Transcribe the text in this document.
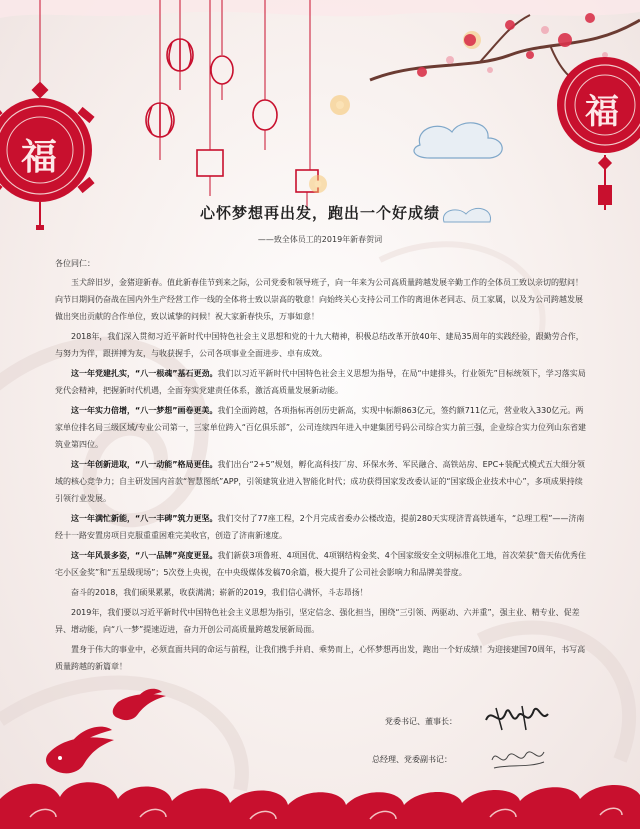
福
福
心怀梦想再出发，跑出一个好成绩
——致全体员工的2019年新春贺词

各位同仁：

玉犬辞旧岁，金猪迎新春。值此新春佳节到来之际，公司党委和领导班子，向一年来为公司高质量跨越发展辛勤工作的全体员工致以亲切的慰问！向节日期间仍奋战在国内外生产经营工作一线的全体将士致以崇高的敬意！向始终关心支持公司工作的离退休老同志、员工家属，以及为公司跨越发展做出突出贡献的合作单位，致以诚挚的问候！祝大家新春快乐，万事如意！

2018年，我们深入贯彻习近平新时代中国特色社会主义思想和党的十九大精神，积极总结改革开放40年、建局35周年的实践经验，跟勤劳合作，与努力为伴，跟拼搏为友，与收获握手，公司各项事业全面进步、卓有成效。

这一年党建扎实，“八一根魂”基石更劲。我们以习近平新时代中国特色社会主义思想为指导，在局“中建排头，行业领先”目标统领下，学习落实局党代会精神，把握新时代机遇，全面夯实党建责任体系，激活高质量发展新动能。

这一年实力倍增，“八一梦想”画卷更美。我们全面跨越，各项指标再创历史新高，实现中标额863亿元，签约额711亿元，营业收入330亿元。两家单位排名局三级区域/专业公司第一，三家单位跨入“百亿俱乐部”，公司连续四年进入中建集团号码公司综合实力前三强，企业综合实力位列山东省建筑业第四位。

这一年创新进取，“八一动能”格局更佳。我们出台“2+5”规划，孵化高科技厂房、环保水务、军民融合、高铁站房、EPC+装配式模式五大细分领域的核心竞争力；自主研发国内首款“智慧图纸”APP，引领建筑业进入智能化时代；成功获得国家发改委认证的“国家级企业技术中心”，多项成果持续引领行业发展。

这一年满忙新能，“八一丰碑”筑力更坚。我们交付了77座工程，2个月完成省委办公楼改造，提前280天实现济青高铁通车，“总理工程”——济南经十一路安置房项目克服重重困难完美收官，创造了济南新速度。

这一年风景多姿，“八一品牌”亮度更显。我们新获3项鲁班、4项国优、4项钢结构金奖、4个国家级安全文明标准化工地，首次荣获“詹天佑优秀住宅小区金奖”和“五星级现场”；5次登上央视，在中央级媒体发稿70余篇，极大提升了公司社会影响力和品牌美誉度。

奋斗的2018，我们硕果累累，收获满满；崭新的2019，我们信心满怀，斗志昂扬！

2019年，我们要以习近平新时代中国特色社会主义思想为指引，坚定信念、强化担当，围绕“三引领、两驱动、六并重”，强主业、精专业、促差异、增动能，向“八一梦”提速迈进，奋力开创公司高质量跨越发展新局面。

置身于伟大的事业中，必须直面共同的命运与前程，让我们携手并肩、乘势而上，心怀梦想再出发，跑出一个好成绩！为迎接建国70周年，书写高质量跨越的新篇章！

党委书记、董事长：
总经理、党委副书记：
